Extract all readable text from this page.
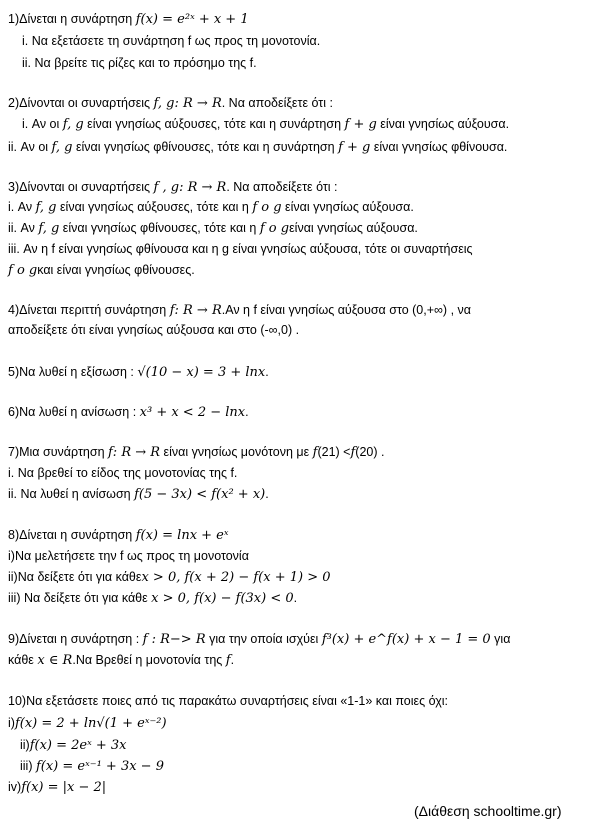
1)Δίνεται η συνάρτηση f(x) = e²ˣ + x + 1
i. Να εξετάσετε τη συνάρτηση f ως προς τη μονοτονία.
ii. Να βρείτε τις ρίζες και το πρόσημο της f.
2)Δίνονται οι συναρτήσεις f, g: R → R. Να αποδείξετε ότι :
i. Αν οι f, g είναι γνησίως αύξουσες, τότε και η συνάρτηση f + g είναι γνησίως αύξουσα.
ii. Αν οι f, g είναι γνησίως φθίνουσες, τότε και η συνάρτηση f + g είναι γνησίως φθίνουσα.
3)Δίνονται οι συναρτήσεις f , g: R → R. Να αποδείξετε ότι :
i. Αν f, g είναι γνησίως αύξουσες, τότε και η f o g είναι γνησίως αύξουσα.
ii. Αν f, g είναι γνησίως φθίνουσες, τότε και η f o gείναι γνησίως αύξουσα.
iii. Αν η f είναι γνησίως φθίνουσα και η g είναι γνησίως αύξουσα, τότε οι συναρτήσεις
f o gκαι είναι γνησίως φθίνουσες.
4)Δίνεται περιττή συνάρτηση f: R → R.Αν η f είναι γνησίως αύξουσα στο (0,+∞) , να
αποδείξετε ότι είναι γνησίως αύξουσα και στο (-∞,0) .
5)Να λυθεί η εξίσωση : √(10 − x) = 3 + lnx.
6)Να λυθεί η ανίσωση : x³ + x < 2 − lnx.
7)Μια συνάρτηση f: R → R είναι γνησίως μονότονη με f(21) <f(20) .
i. Να βρεθεί το είδος της μονοτονίας της f.
ii. Να λυθεί η ανίσωση f(5 − 3x) < f(x² + x).
8)Δίνεται η συνάρτηση f(x) = lnx + eˣ
i)Να μελετήσετε την f ως προς τη μονοτονία
ii)Να δείξετε ότι για κάθεx > 0, f(x + 2) − f(x + 1) > 0
iii) Να δείξετε ότι για κάθε x > 0, f(x) − f(3x) < 0.
9)Δίνεται η συνάρτηση : f : R−> R για την οποία ισχύει f³(x) + e^f(x) + x − 1 = 0 για
κάθε x ∈ R.Να Βρεθεί η μονοτονία της f.
10)Να εξετάσετε ποιες από τις παρακάτω συναρτήσεις είναι «1-1» και ποιες όχι:
i)f(x) = 2 + ln√(1 + eˣ⁻²)
ii)f(x) = 2eˣ + 3x
iii) f(x) = eˣ⁻¹ + 3x − 9
iv)f(x) = |x − 2|
(Διάθεση schooltime.gr)
